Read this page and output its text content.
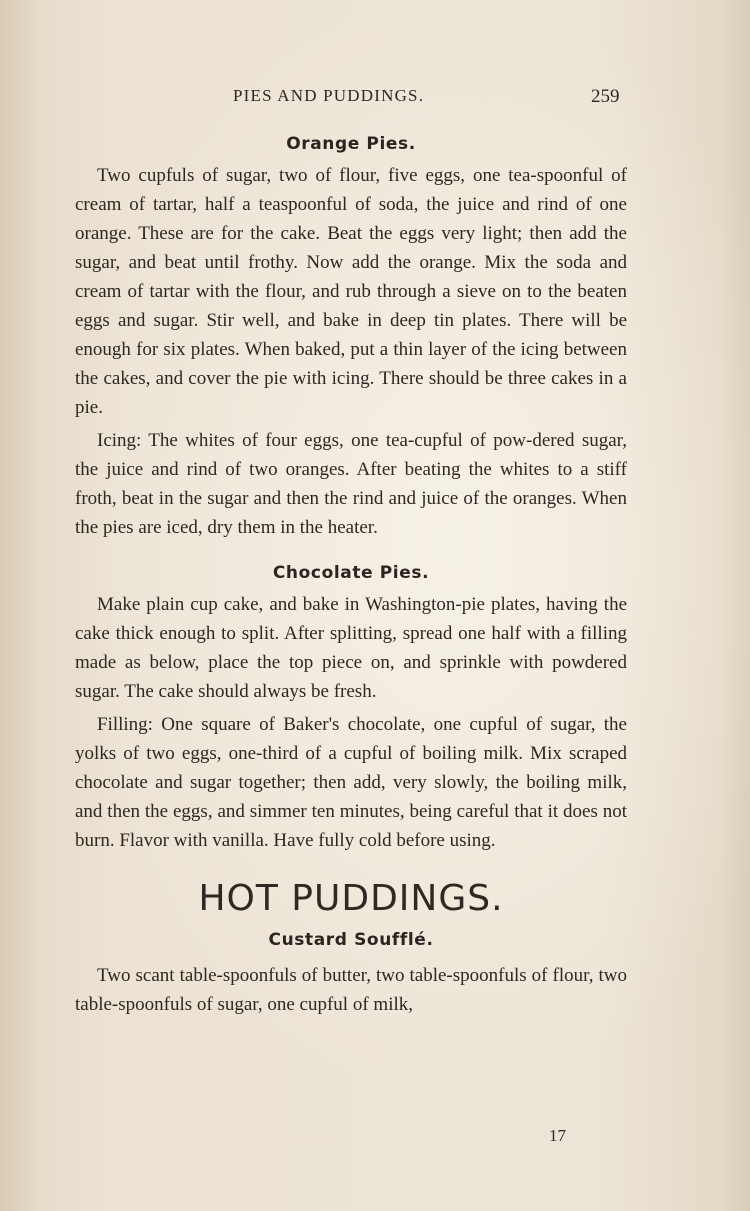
PIES AND PUDDINGS.	259
Orange Pies.

Two cupfuls of sugar, two of flour, five eggs, one tea-spoonful of cream of tartar, half a teaspoonful of soda, the juice and rind of one orange. These are for the cake. Beat the eggs very light; then add the sugar, and beat until frothy. Now add the orange. Mix the soda and cream of tartar with the flour, and rub through a sieve on to the beaten eggs and sugar. Stir well, and bake in deep tin plates. There will be enough for six plates. When baked, put a thin layer of the icing between the cakes, and cover the pie with icing. There should be three cakes in a pie.

Icing: The whites of four eggs, one tea-cupful of pow-dered sugar, the juice and rind of two oranges. After beating the whites to a stiff froth, beat in the sugar and then the rind and juice of the oranges. When the pies are iced, dry them in the heater.

Chocolate Pies.

Make plain cup cake, and bake in Washington-pie plates, having the cake thick enough to split. After splitting, spread one half with a filling made as below, place the top piece on, and sprinkle with powdered sugar. The cake should always be fresh.

Filling: One square of Baker's chocolate, one cupful of sugar, the yolks of two eggs, one-third of a cupful of boiling milk. Mix scraped chocolate and sugar together; then add, very slowly, the boiling milk, and then the eggs, and simmer ten minutes, being careful that it does not burn. Flavor with vanilla. Have fully cold before using.

HOT PUDDINGS.
Custard Soufflé.

Two scant table-spoonfuls of butter, two table-spoonfuls of flour, two table-spoonfuls of sugar, one cupful of milk,

17
